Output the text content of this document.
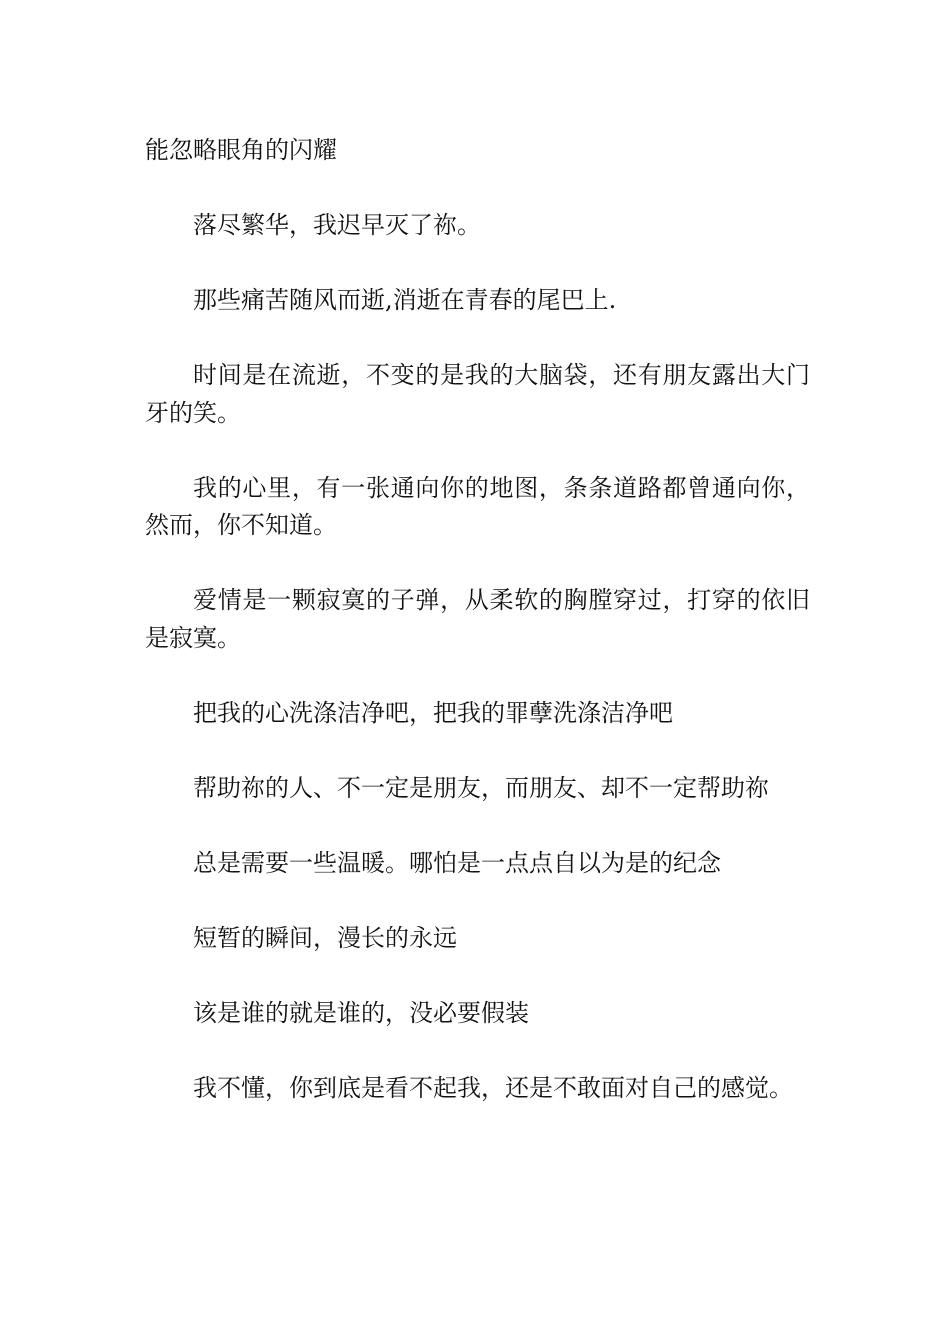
能忽略眼角的闪耀

落尽繁华，我迟早灭了祢。

那些痛苦随风而逝,消逝在青春的尾巴上.

时间是在流逝，不变的是我的大脑袋，还有朋友露出大门牙的笑。

我的心里，有一张通向你的地图，条条道路都曾通向你，然而，你不知道。

爱情是一颗寂寞的子弹，从柔软的胸膛穿过，打穿的依旧是寂寞。

把我的心洗涤洁净吧，把我的罪孽洗涤洁净吧

帮助祢的人、不一定是朋友，而朋友、却不一定帮助祢

总是需要一些温暖。哪怕是一点点自以为是的纪念

短暂的瞬间，漫长的永远

该是谁的就是谁的，没必要假装

我不懂，你到底是看不起我，还是不敢面对自己的感觉。
